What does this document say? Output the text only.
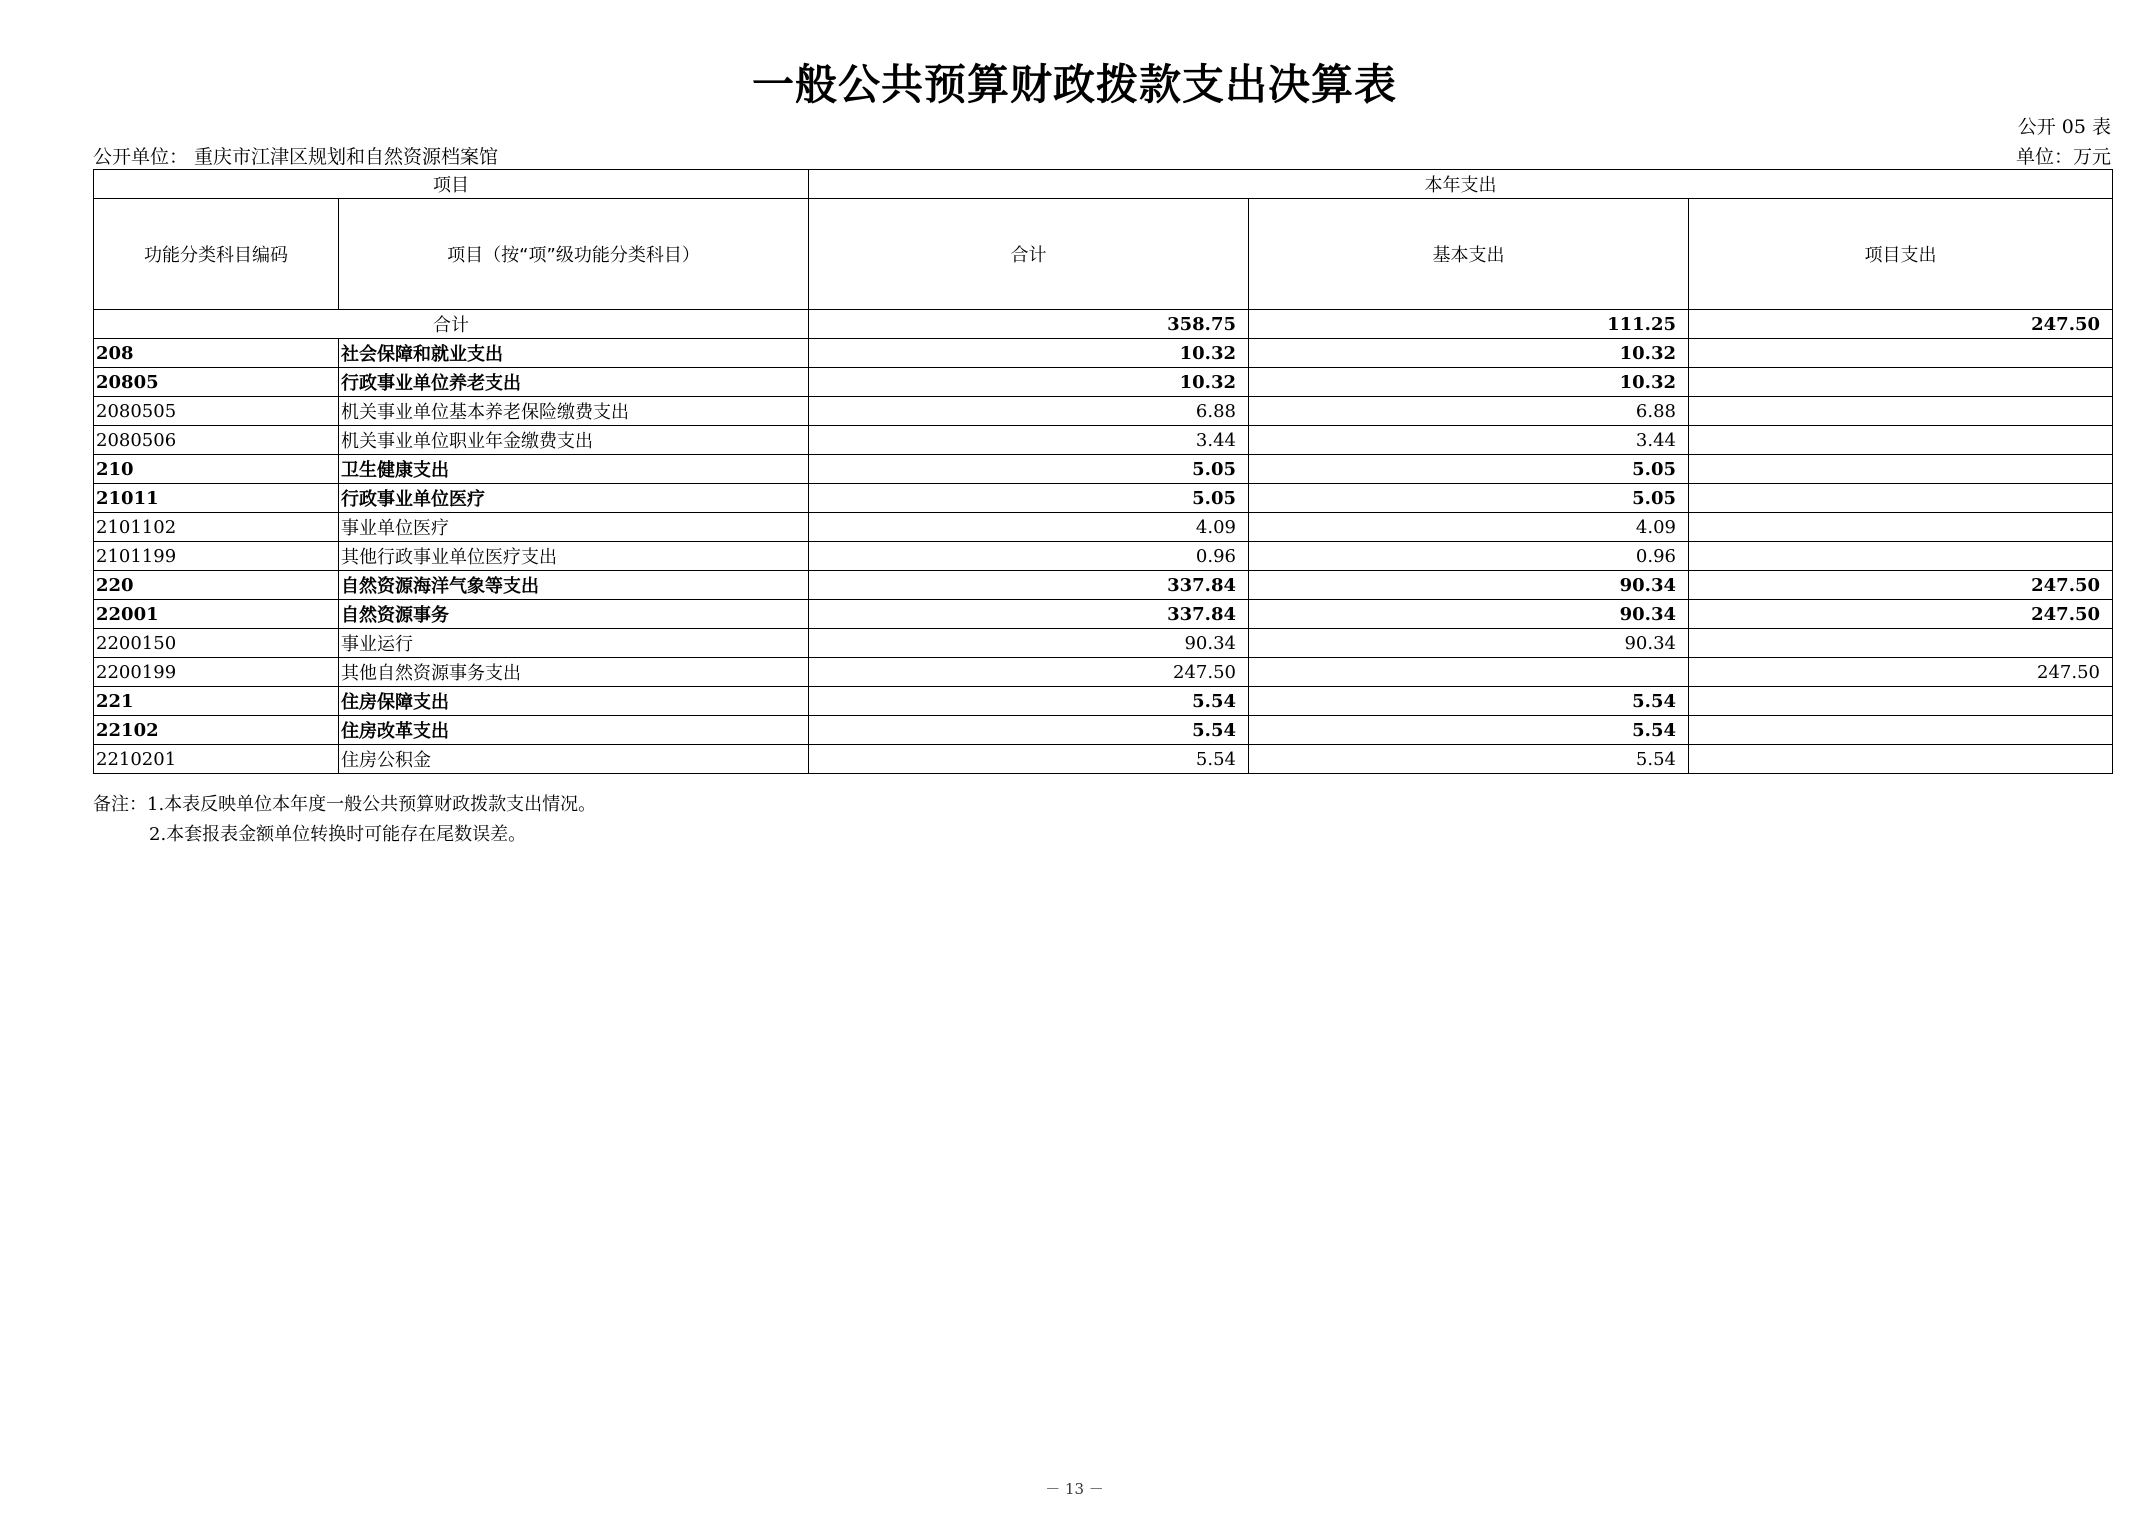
一般公共预算财政拨款支出决算表
公开 05 表
公开单位： 重庆市江津区规划和自然资源档案馆	单位：万元
项目		本年支出		
功能分类科目编码	项目（按“项”级功能分类科目）	合计	基本支出	项目支出
合计		358.75	111.25	247.50
208	社会保障和就业支出	10.32	10.32	
20805	行政事业单位养老支出	10.32	10.32	
2080505	机关事业单位基本养老保险缴费支出	6.88	6.88	
2080506	机关事业单位职业年金缴费支出	3.44	3.44	
210	卫生健康支出	5.05	5.05	
21011	行政事业单位医疗	5.05	5.05	
2101102	事业单位医疗	4.09	4.09	
2101199	其他行政事业单位医疗支出	0.96	0.96	
220	自然资源海洋气象等支出	337.84	90.34	247.50
22001	自然资源事务	337.84	90.34	247.50
2200150	事业运行	90.34	90.34	
2200199	其他自然资源事务支出	247.50		247.50
221	住房保障支出	5.54	5.54	
22102	住房改革支出	5.54	5.54	
2210201	住房公积金	5.54	5.54	
备注：1.本表反映单位本年度一般公共预算财政拨款支出情况。
2.本套报表金额单位转换时可能存在尾数误差。
－ 13 －
